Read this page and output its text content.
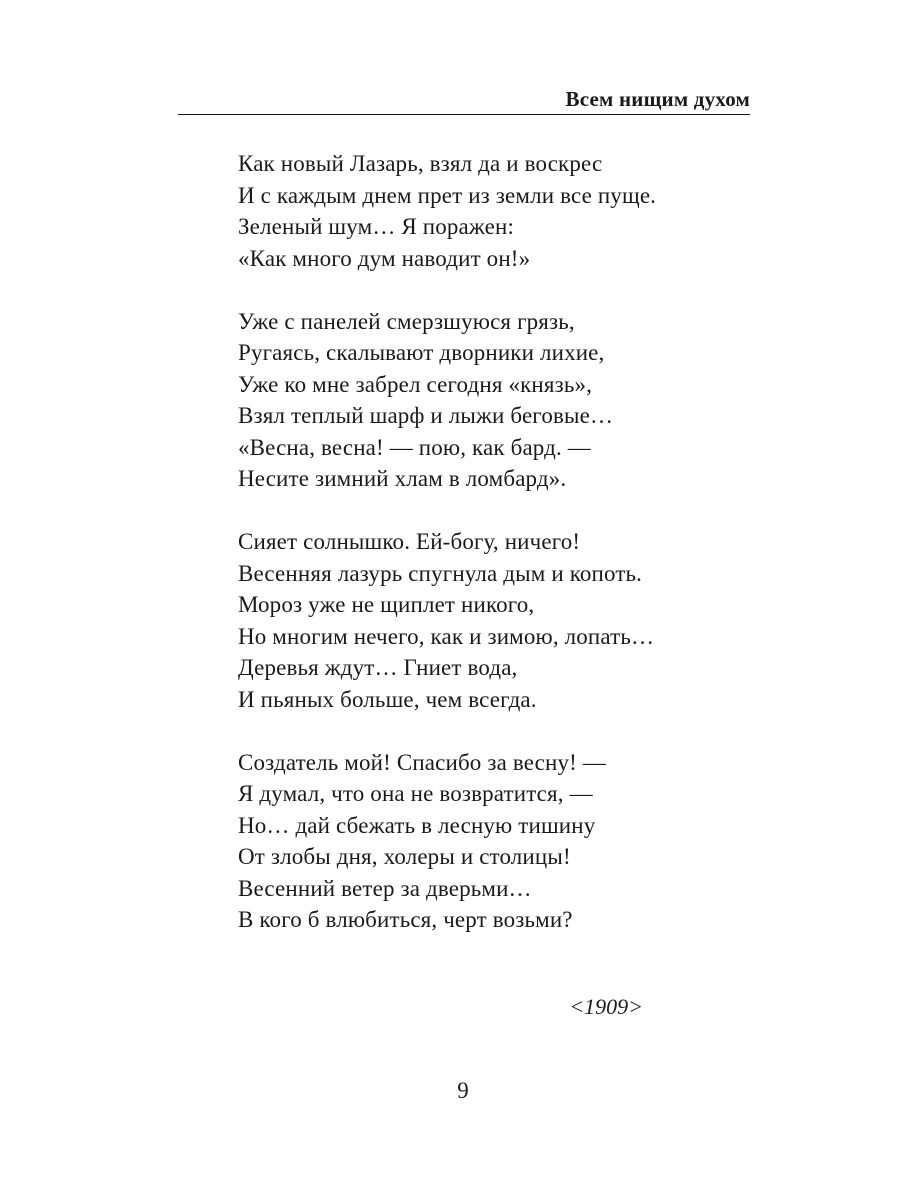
Всем нищим духом
Как новый Лазарь, взял да и воскрес
И с каждым днем прет из земли все пуще.
Зеленый шум… Я поражен:
«Как много дум наводит он!»
Уже с панелей смерзшуюся грязь,
Ругаясь, скалывают дворники лихие,
Уже ко мне забрел сегодня «князь»,
Взял теплый шарф и лыжи беговые…
«Весна, весна! — пою, как бард. —
Несите зимний хлам в ломбард».
Сияет солнышко. Ей-богу, ничего!
Весенняя лазурь спугнула дым и копоть.
Мороз уже не щиплет никого,
Но многим нечего, как и зимою, лопать…
Деревья ждут… Гниет вода,
И пьяных больше, чем всегда.
Создатель мой! Спасибо за весну! —
Я думал, что она не возвратится, —
Но… дай сбежать в лесную тишину
От злобы дня, холеры и столицы!
Весенний ветер за дверьми…
В кого б влюбиться, черт возьми?
<1909>
9
